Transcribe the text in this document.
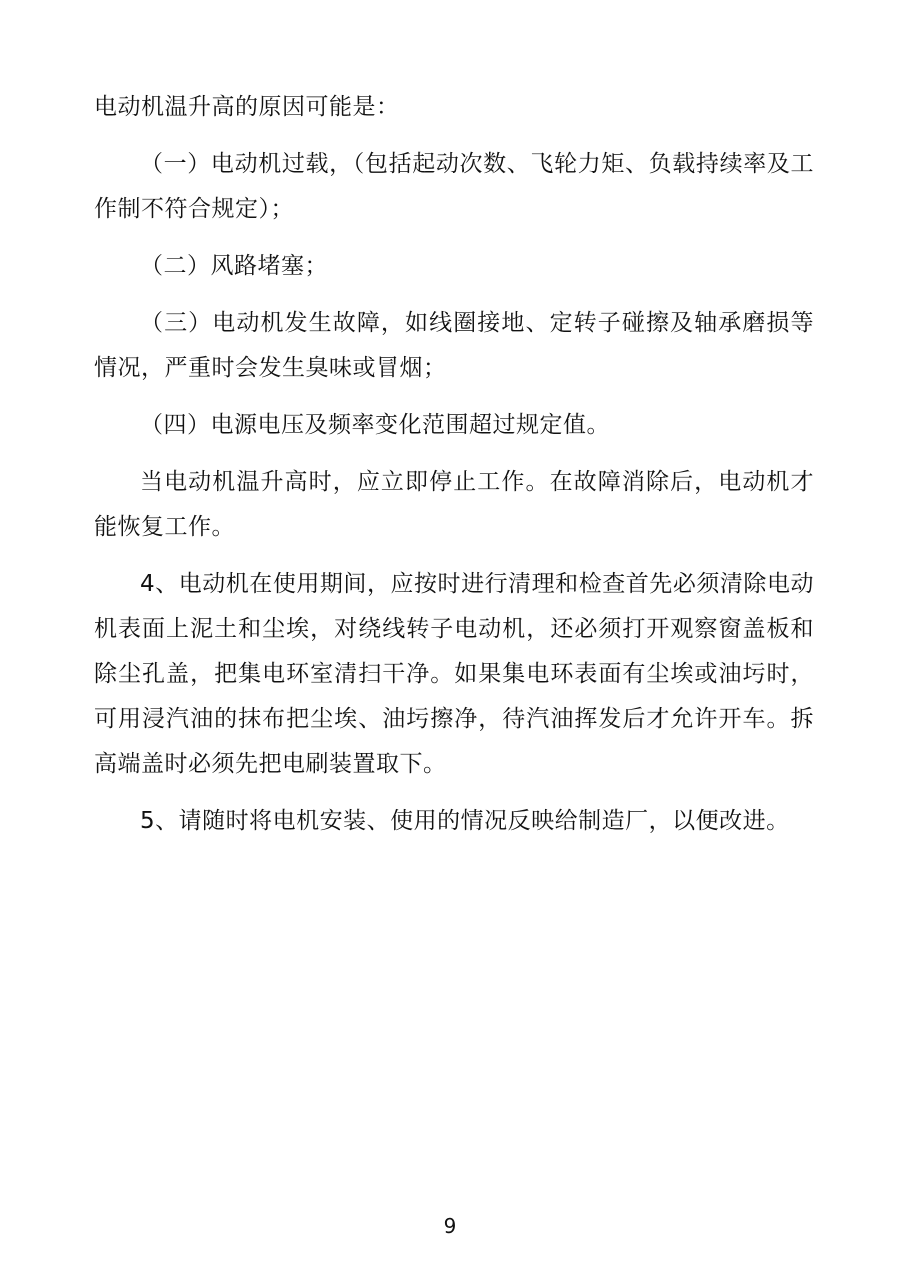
电动机温升高的原因可能是：

（一）电动机过载，（包括起动次数、飞轮力矩、负载持续率及工作制不符合规定）；

（二）风路堵塞；

（三）电动机发生故障，如线圈接地、定转子碰擦及轴承磨损等情况，严重时会发生臭味或冒烟；

（四）电源电压及频率变化范围超过规定值。

当电动机温升高时，应立即停止工作。在故障消除后，电动机才能恢复工作。

4、电动机在使用期间，应按时进行清理和检查首先必须清除电动机表面上泥土和尘埃，对绕线转子电动机，还必须打开观察窗盖板和除尘孔盖，把集电环室清扫干净。如果集电环表面有尘埃或油圬时，可用浸汽油的抹布把尘埃、油圬擦净，待汽油挥发后才允许开车。拆高端盖时必须先把电刷装置取下。

5、请随时将电机安装、使用的情况反映给制造厂，以便改进。

9
